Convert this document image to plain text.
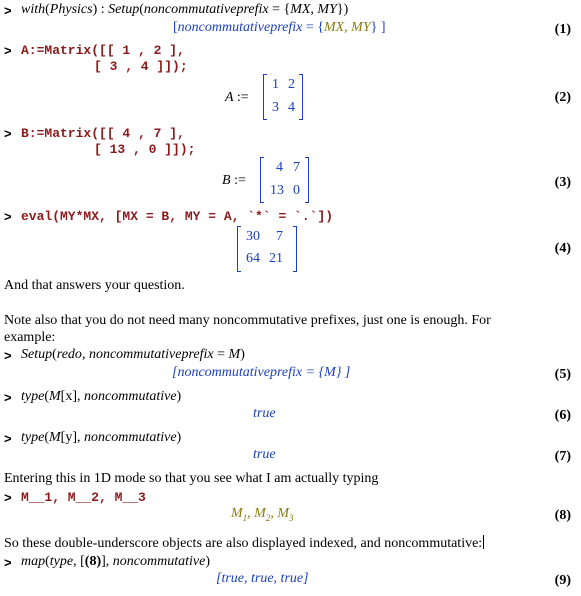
> with(Physics) : Setup(noncommutativeprefix = {MX, MY})
[noncommutativeprefix = {MX, MY} ]	(1)
> A:=Matrix([[ 1 , 2 ],
[ 3 , 4 ]]);
A :=
1 2
3 4
(2)
> B:=Matrix([[ 4 , 7 ],
[ 13 , 0 ]]);
B :=
4 7
13 0
(3)
> eval(MY*MX, [MX = B, MY = A, `*` = `.`])
30 7
64 21
(4)
And that answers your question.
Note also that you do not need many noncommutative prefixes, just one is enough. For
example:
> Setup(redo, noncommutativeprefix = M)
[noncommutativeprefix = {M} ]	(5)
> type(M[x], noncommutative)
true	(6)
> type(M[y], noncommutative)
true	(7)
Entering this in 1D mode so that you see what I am actually typing
> M__1, M__2, M__3
$M_1$, $M_2$, $M_3$	(8)
So these double-underscore objects are also displayed indexed, and noncommutative:
> map(type, [(8)], noncommutative)
[true, true, true]	(9)
